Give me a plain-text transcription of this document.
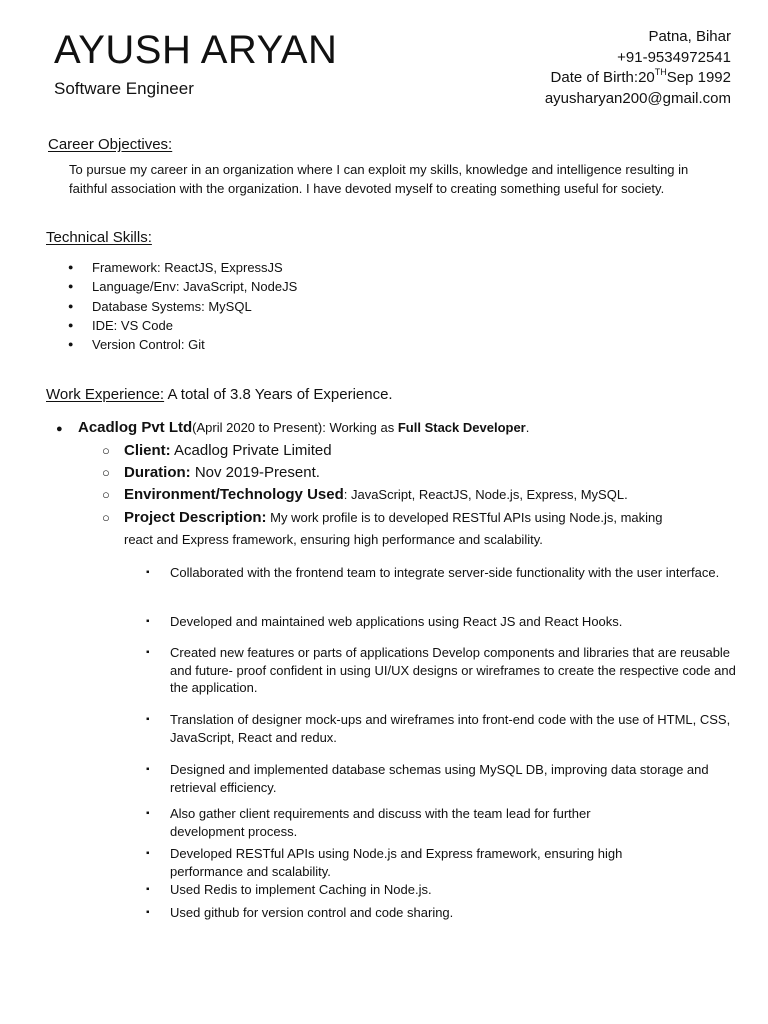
AYUSH ARYAN
Software Engineer
Patna, Bihar
+91-9534972541
Date of Birth:20THSep 1992
ayusharyan200@gmail.com
Career Objectives:
To pursue my career in an organization where I can exploit my skills, knowledge and intelligence resulting in faithful association with the organization. I have devoted myself to creating something useful for society.
Technical Skills:
● Framework: ReactJS, ExpressJS
● Language/Env: JavaScript, NodeJS
● Database Systems: MySQL
● IDE: VS Code
● Version Control: Git
Work Experience: A total of 3.8 Years of Experience.
● Acadlog Pvt Ltd(April 2020 to Present): Working as Full Stack Developer.
○ Client: Acadlog Private Limited
○ Duration: Nov 2019-Present.
○ Environment/Technology Used: JavaScript, ReactJS, Node.js, Express, MySQL.
○ Project Description: My work profile is to developed RESTful APIs using Node.js, making
react and Express framework, ensuring high performance and scalability.
▪ Collaborated with the frontend team to integrate server-side functionality with the user interface.
▪ Developed and maintained web applications using React JS and React Hooks.
▪ Created new features or parts of applications Develop components and libraries that are reusable and future- proof confident in using UI/UX designs or wireframes to create the respective code and the application.
▪ Translation of designer mock-ups and wireframes into front-end code with the use of HTML, CSS, JavaScript, React and redux.
▪ Designed and implemented database schemas using MySQL DB, improving data storage and retrieval efficiency.
▪ Also gather client requirements and discuss with the team lead for further development process.
▪ Developed RESTful APIs using Node.js and Express framework, ensuring high performance and scalability.
▪ Used Redis to implement Caching in Node.js.
▪ Used github for version control and code sharing.
